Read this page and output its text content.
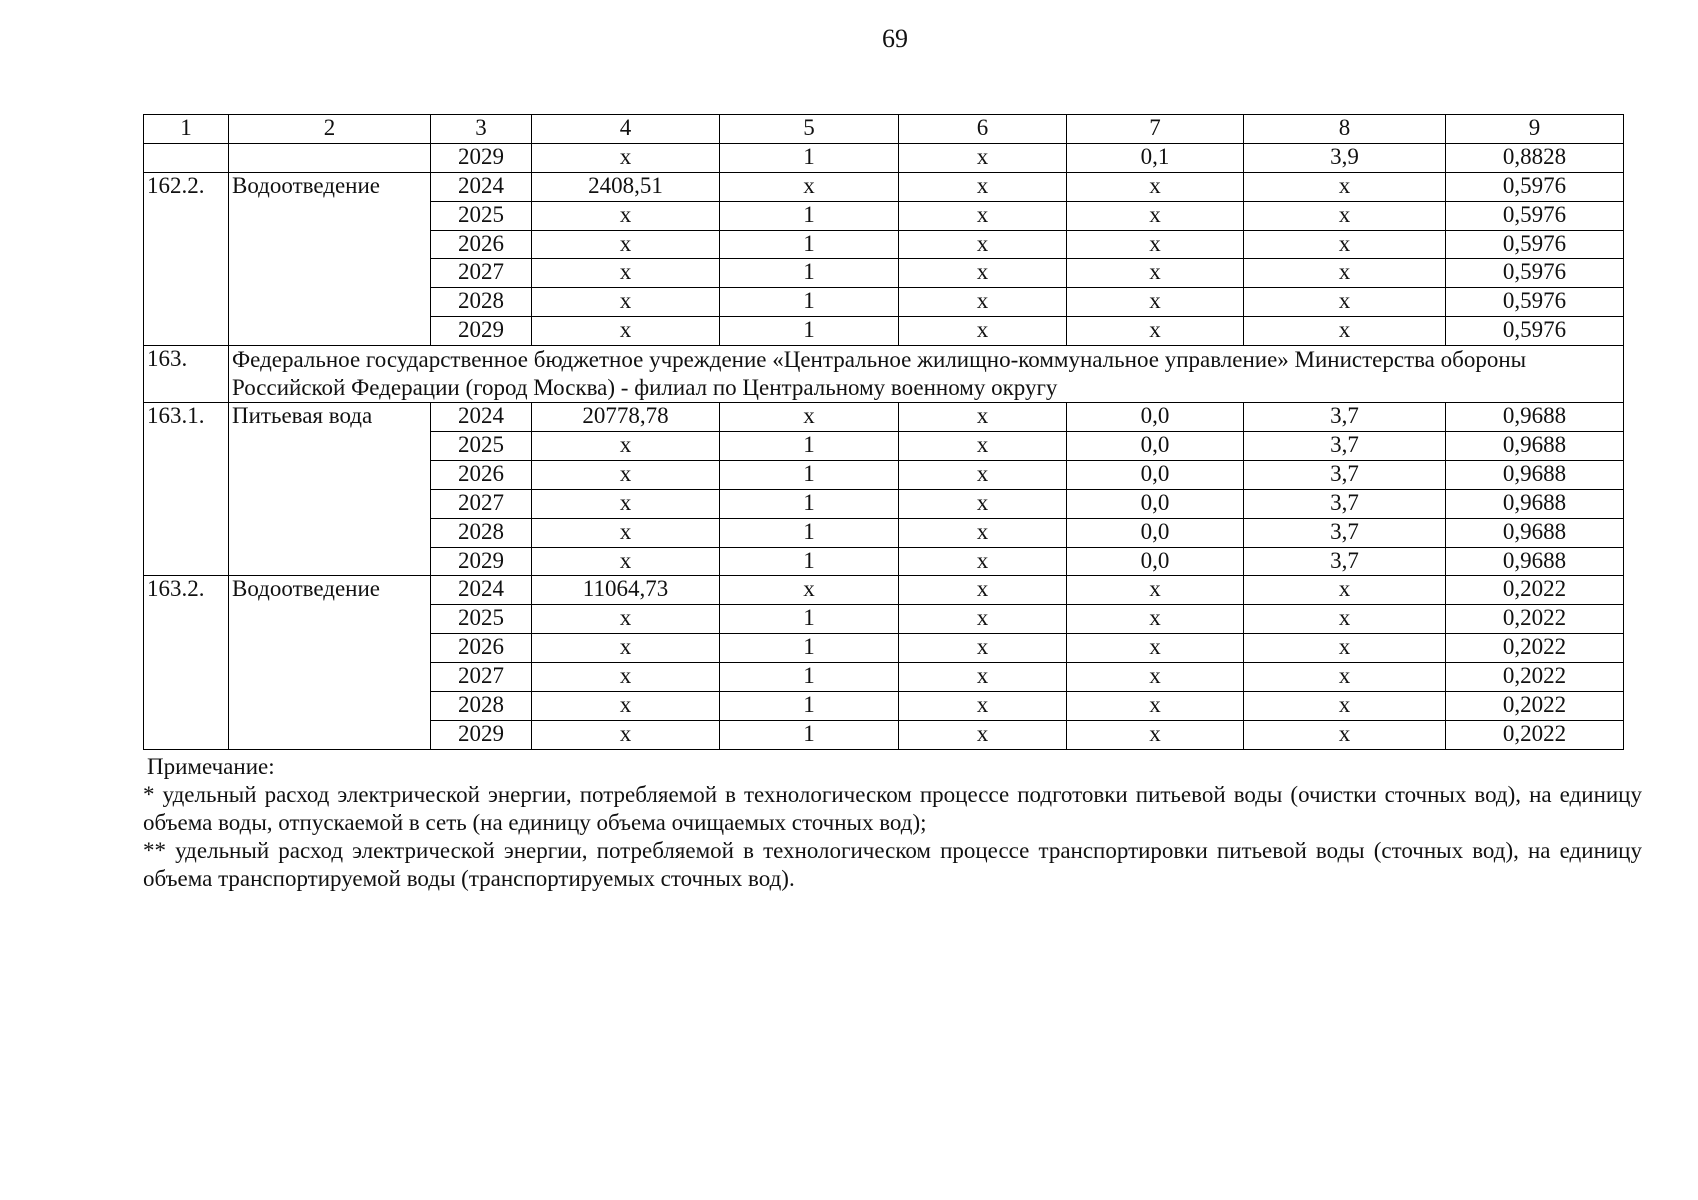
69
1	2	3	4	5	6	7	8	9
		2029	x	1	x	0,1	3,9	0,8828
162.2.	Водоотведение	2024	2408,51	x	x	x	x	0,5976
		2025	x	1	x	x	x	0,5976
		2026	x	1	x	x	x	0,5976
		2027	x	1	x	x	x	0,5976
		2028	x	1	x	x	x	0,5976
		2029	x	1	x	x	x	0,5976
163.	Федеральное государственное бюджетное учреждение «Центральное жилищно-коммунальное управление» Министерства обороны Российской Федерации (город Москва) - филиал по Центральному военному округу							
163.1.	Питьевая вода	2024	20778,78	x	x	0,0	3,7	0,9688
		2025	x	1	x	0,0	3,7	0,9688
		2026	x	1	x	0,0	3,7	0,9688
		2027	x	1	x	0,0	3,7	0,9688
		2028	x	1	x	0,0	3,7	0,9688
		2029	x	1	x	0,0	3,7	0,9688
163.2.	Водоотведение	2024	11064,73	x	x	x	x	0,2022
		2025	x	1	x	x	x	0,2022
		2026	x	1	x	x	x	0,2022
		2027	x	1	x	x	x	0,2022
		2028	x	1	x	x	x	0,2022
		2029	x	1	x	x	x	0,2022

Примечание:

* удельный расход электрической энергии, потребляемой в технологическом процессе подготовки питьевой воды (очистки сточных вод), на единицу объема воды, отпускаемой в сеть (на единицу объема очищаемых сточных вод);

** удельный расход электрической энергии, потребляемой в технологическом процессе транспортировки питьевой воды (сточных вод), на единицу объема транспортируемой воды (транспортируемых сточных вод).
